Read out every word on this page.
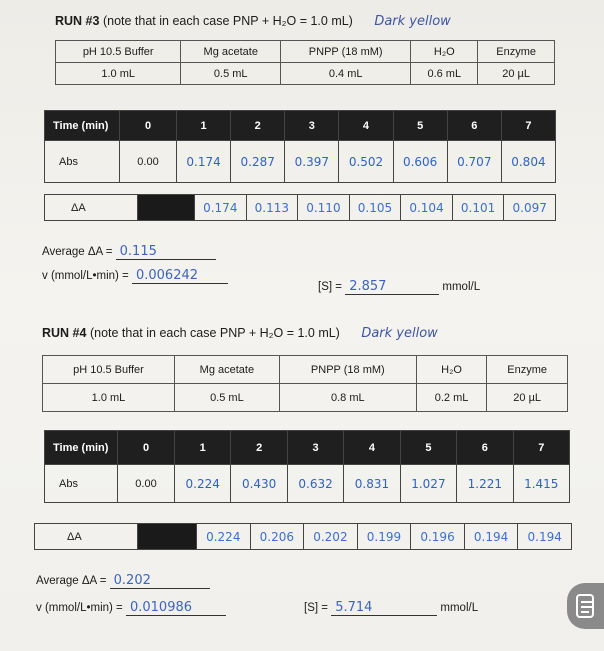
RUN #3 (note that in each case PNP + H₂O = 1.0 mL) Dark yellow
pH 10.5 Buffer	Mg acetate	PNPP (18 mM)	H₂O	Enzyme
1.0 mL	0.5 mL	0.4 mL	0.6 mL	20 µL
Time (min)	0	1	2	3	4	5	6	7
Abs	0.00	0.174	0.287	0.397	0.502	0.606	0.707	0.804
ΔA		0.174	0.113	0.110	0.105	0.104	0.101	0.097
Average ΔA = 0.115
v (mmol/L•min) = 0.006242
[S] = 2.857	mmol/L
RUN #4 (note that in each case PNP + H₂O = 1.0 mL) Dark yellow
pH 10.5 Buffer	Mg acetate	PNPP (18 mM)	H₂O	Enzyme
1.0 mL	0.5 mL	0.8 mL	0.2 mL	20 µL
Time (min)	0	1	2	3	4	5	6	7
Abs	0.00	0.224	0.430	0.632	0.831	1.027	1.221	1.415
ΔA		0.224	0.206	0.202	0.199	0.196	0.194	0.194
Average ΔA = 0.202
v (mmol/L•min) = 0.010986	[S] = 5.714	mmol/L
